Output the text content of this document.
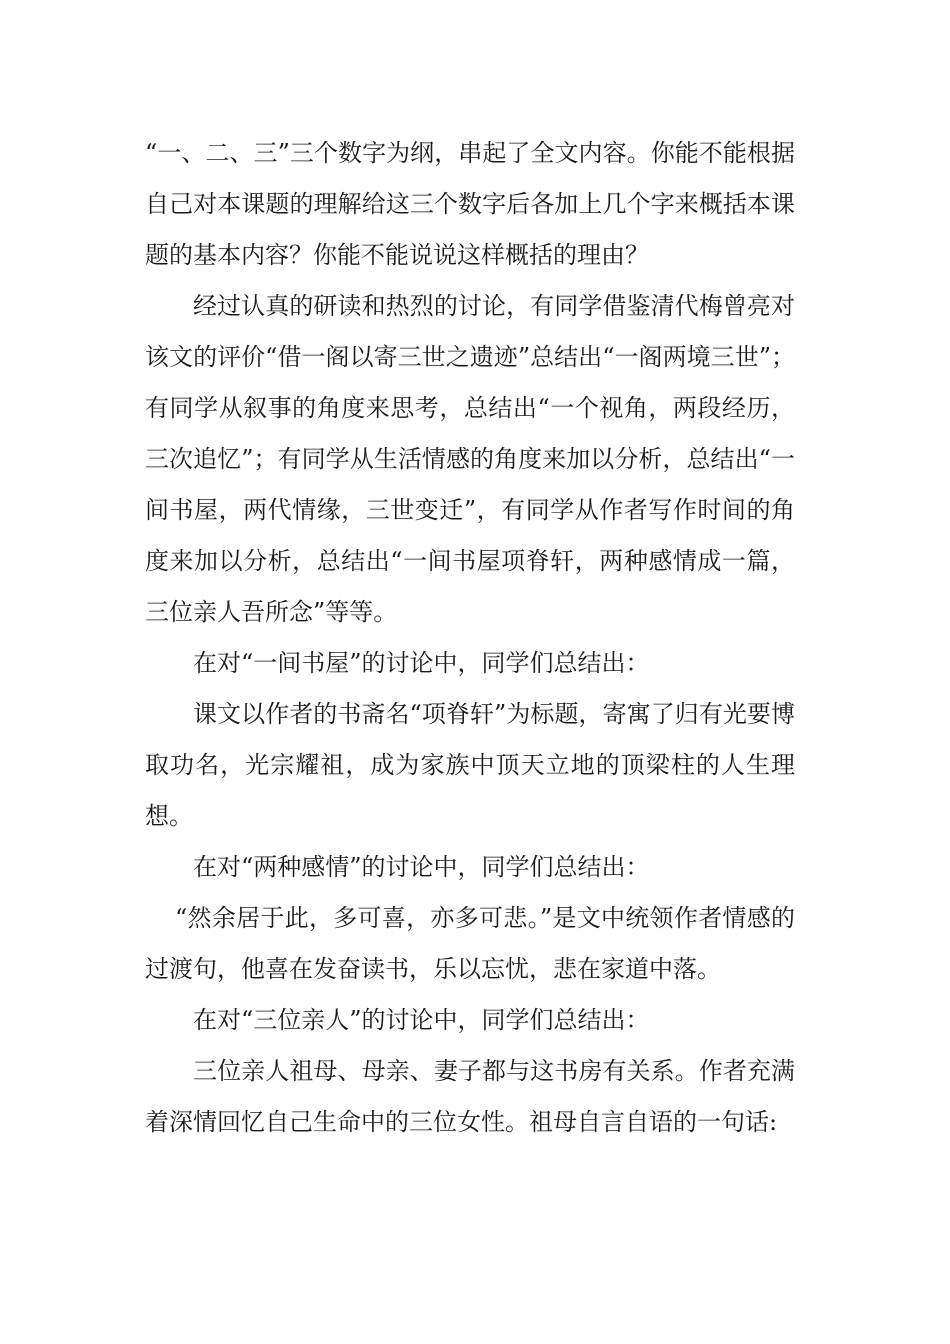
“一、二、三”三个数字为纲，串起了全文内容。你能不能根据自己对本课题的理解给这三个数字后各加上几个字来概括本课题的基本内容？你能不能说说这样概括的理由？

经过认真的研读和热烈的讨论，有同学借鉴清代梅曾亮对该文的评价“借一阁以寄三世之遗迹”总结出“一阁两境三世”；有同学从叙事的角度来思考，总结出“一个视角，两段经历，三次追忆”；有同学从生活情感的角度来加以分析，总结出“一间书屋，两代情缘，三世变迁”，有同学从作者写作时间的角度来加以分析，总结出“一间书屋项脊轩，两种感情成一篇，三位亲人吾所念”等等。

在对“一间书屋”的讨论中，同学们总结出：

课文以作者的书斋名“项脊轩”为标题，寄寓了归有光要博取功名，光宗耀祖，成为家族中顶天立地的顶梁柱的人生理想。

在对“两种感情”的讨论中，同学们总结出：

“然余居于此，多可喜，亦多可悲。”是文中统领作者情感的过渡句，他喜在发奋读书，乐以忘忧，悲在家道中落。

在对“三位亲人”的讨论中，同学们总结出：

三位亲人祖母、母亲、妻子都与这书房有关系。作者充满着深情回忆自己生命中的三位女性。祖母自言自语的一句话:
